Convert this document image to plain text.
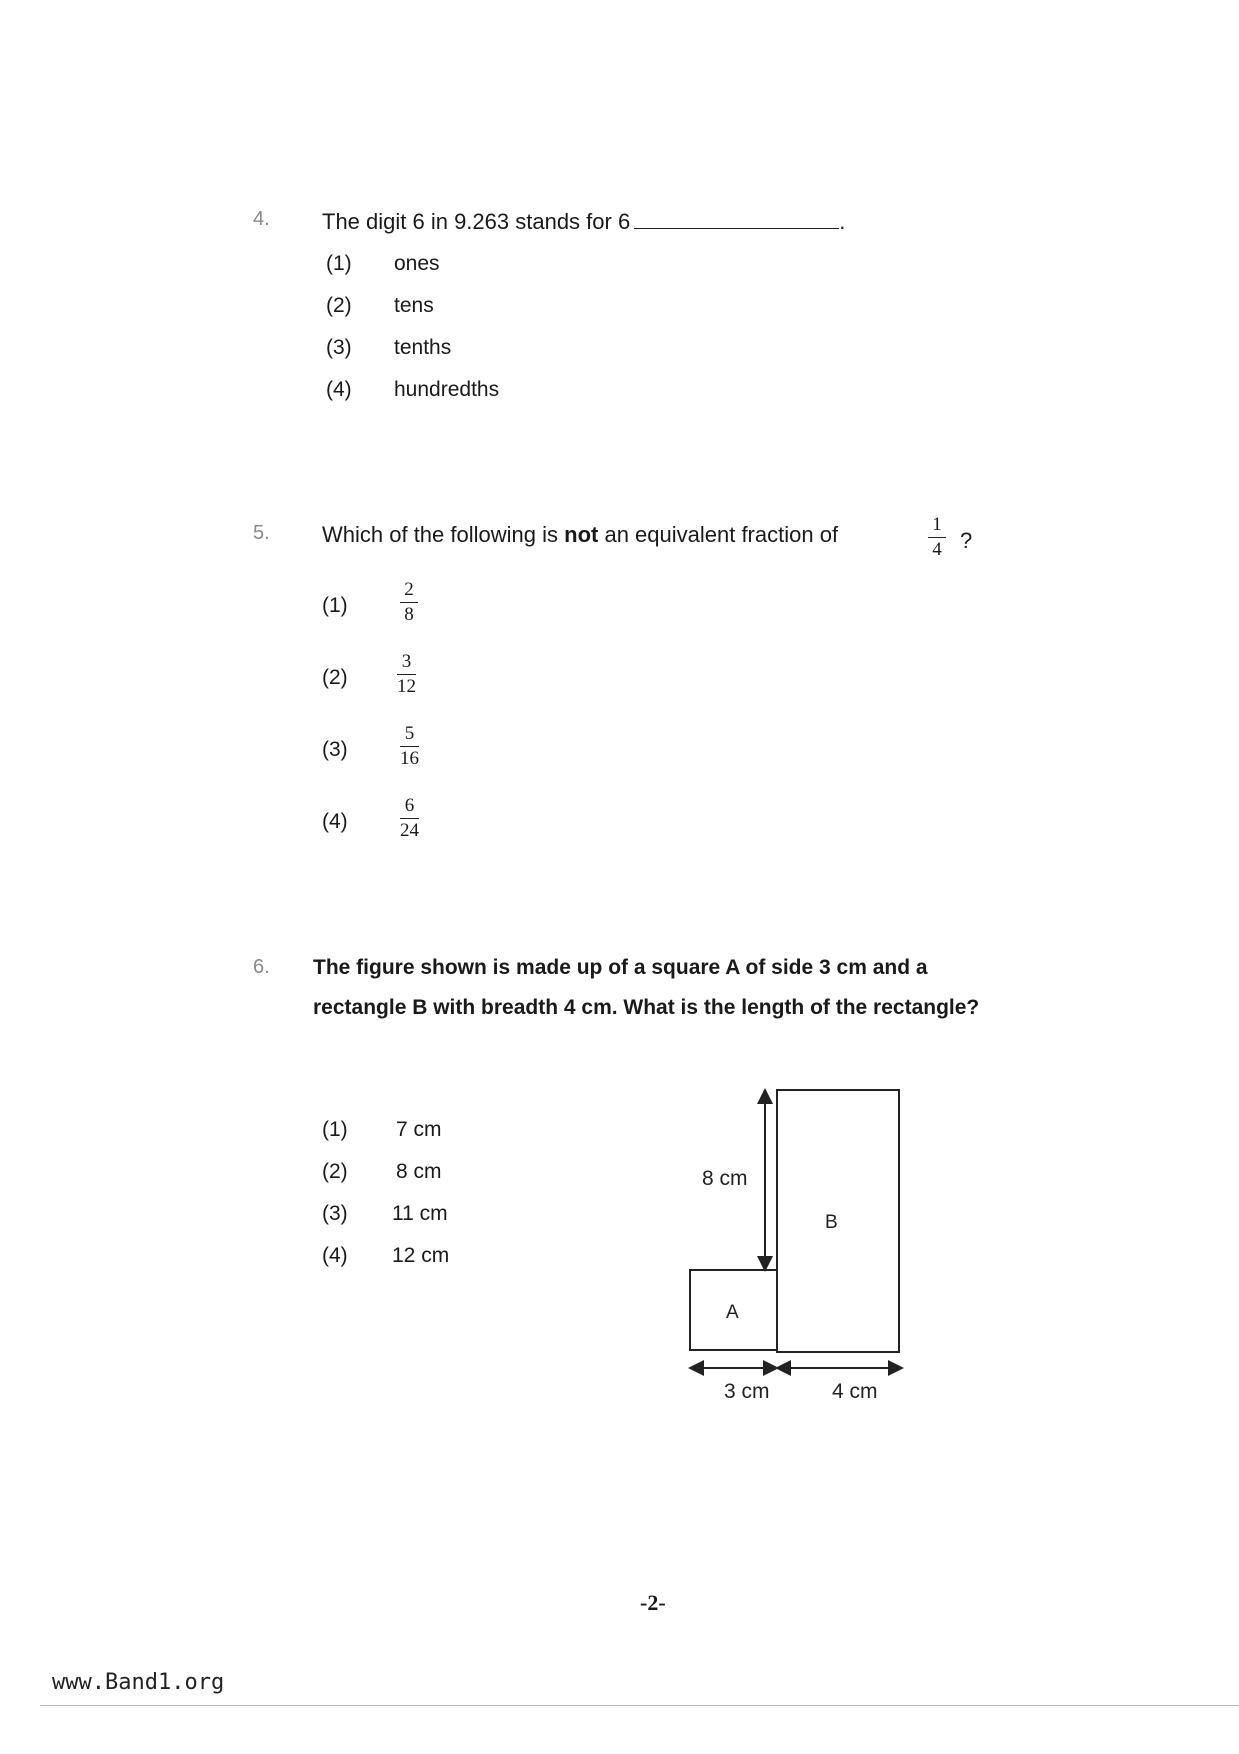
4. The digit 6 in 9.263 stands for 6	.
(1) ones
(2) tens
(3) tenths
(4) hundredths
5. Which of the following is not an equivalent fraction of	1
4 ?
(1)
2
8
(2)
3
12
(3)
5
16
(4)
6
24
6. The figure shown is made up of a square A of side 3 cm and a
rectangle B with breadth 4 cm. What is the length of the rectangle?
(1) 7 cm
(2) 8 cm
(3) 11 cm
(4) 12 cm
8 cm
B
A
3 cm	4 cm
-2-
www.Band1.org
